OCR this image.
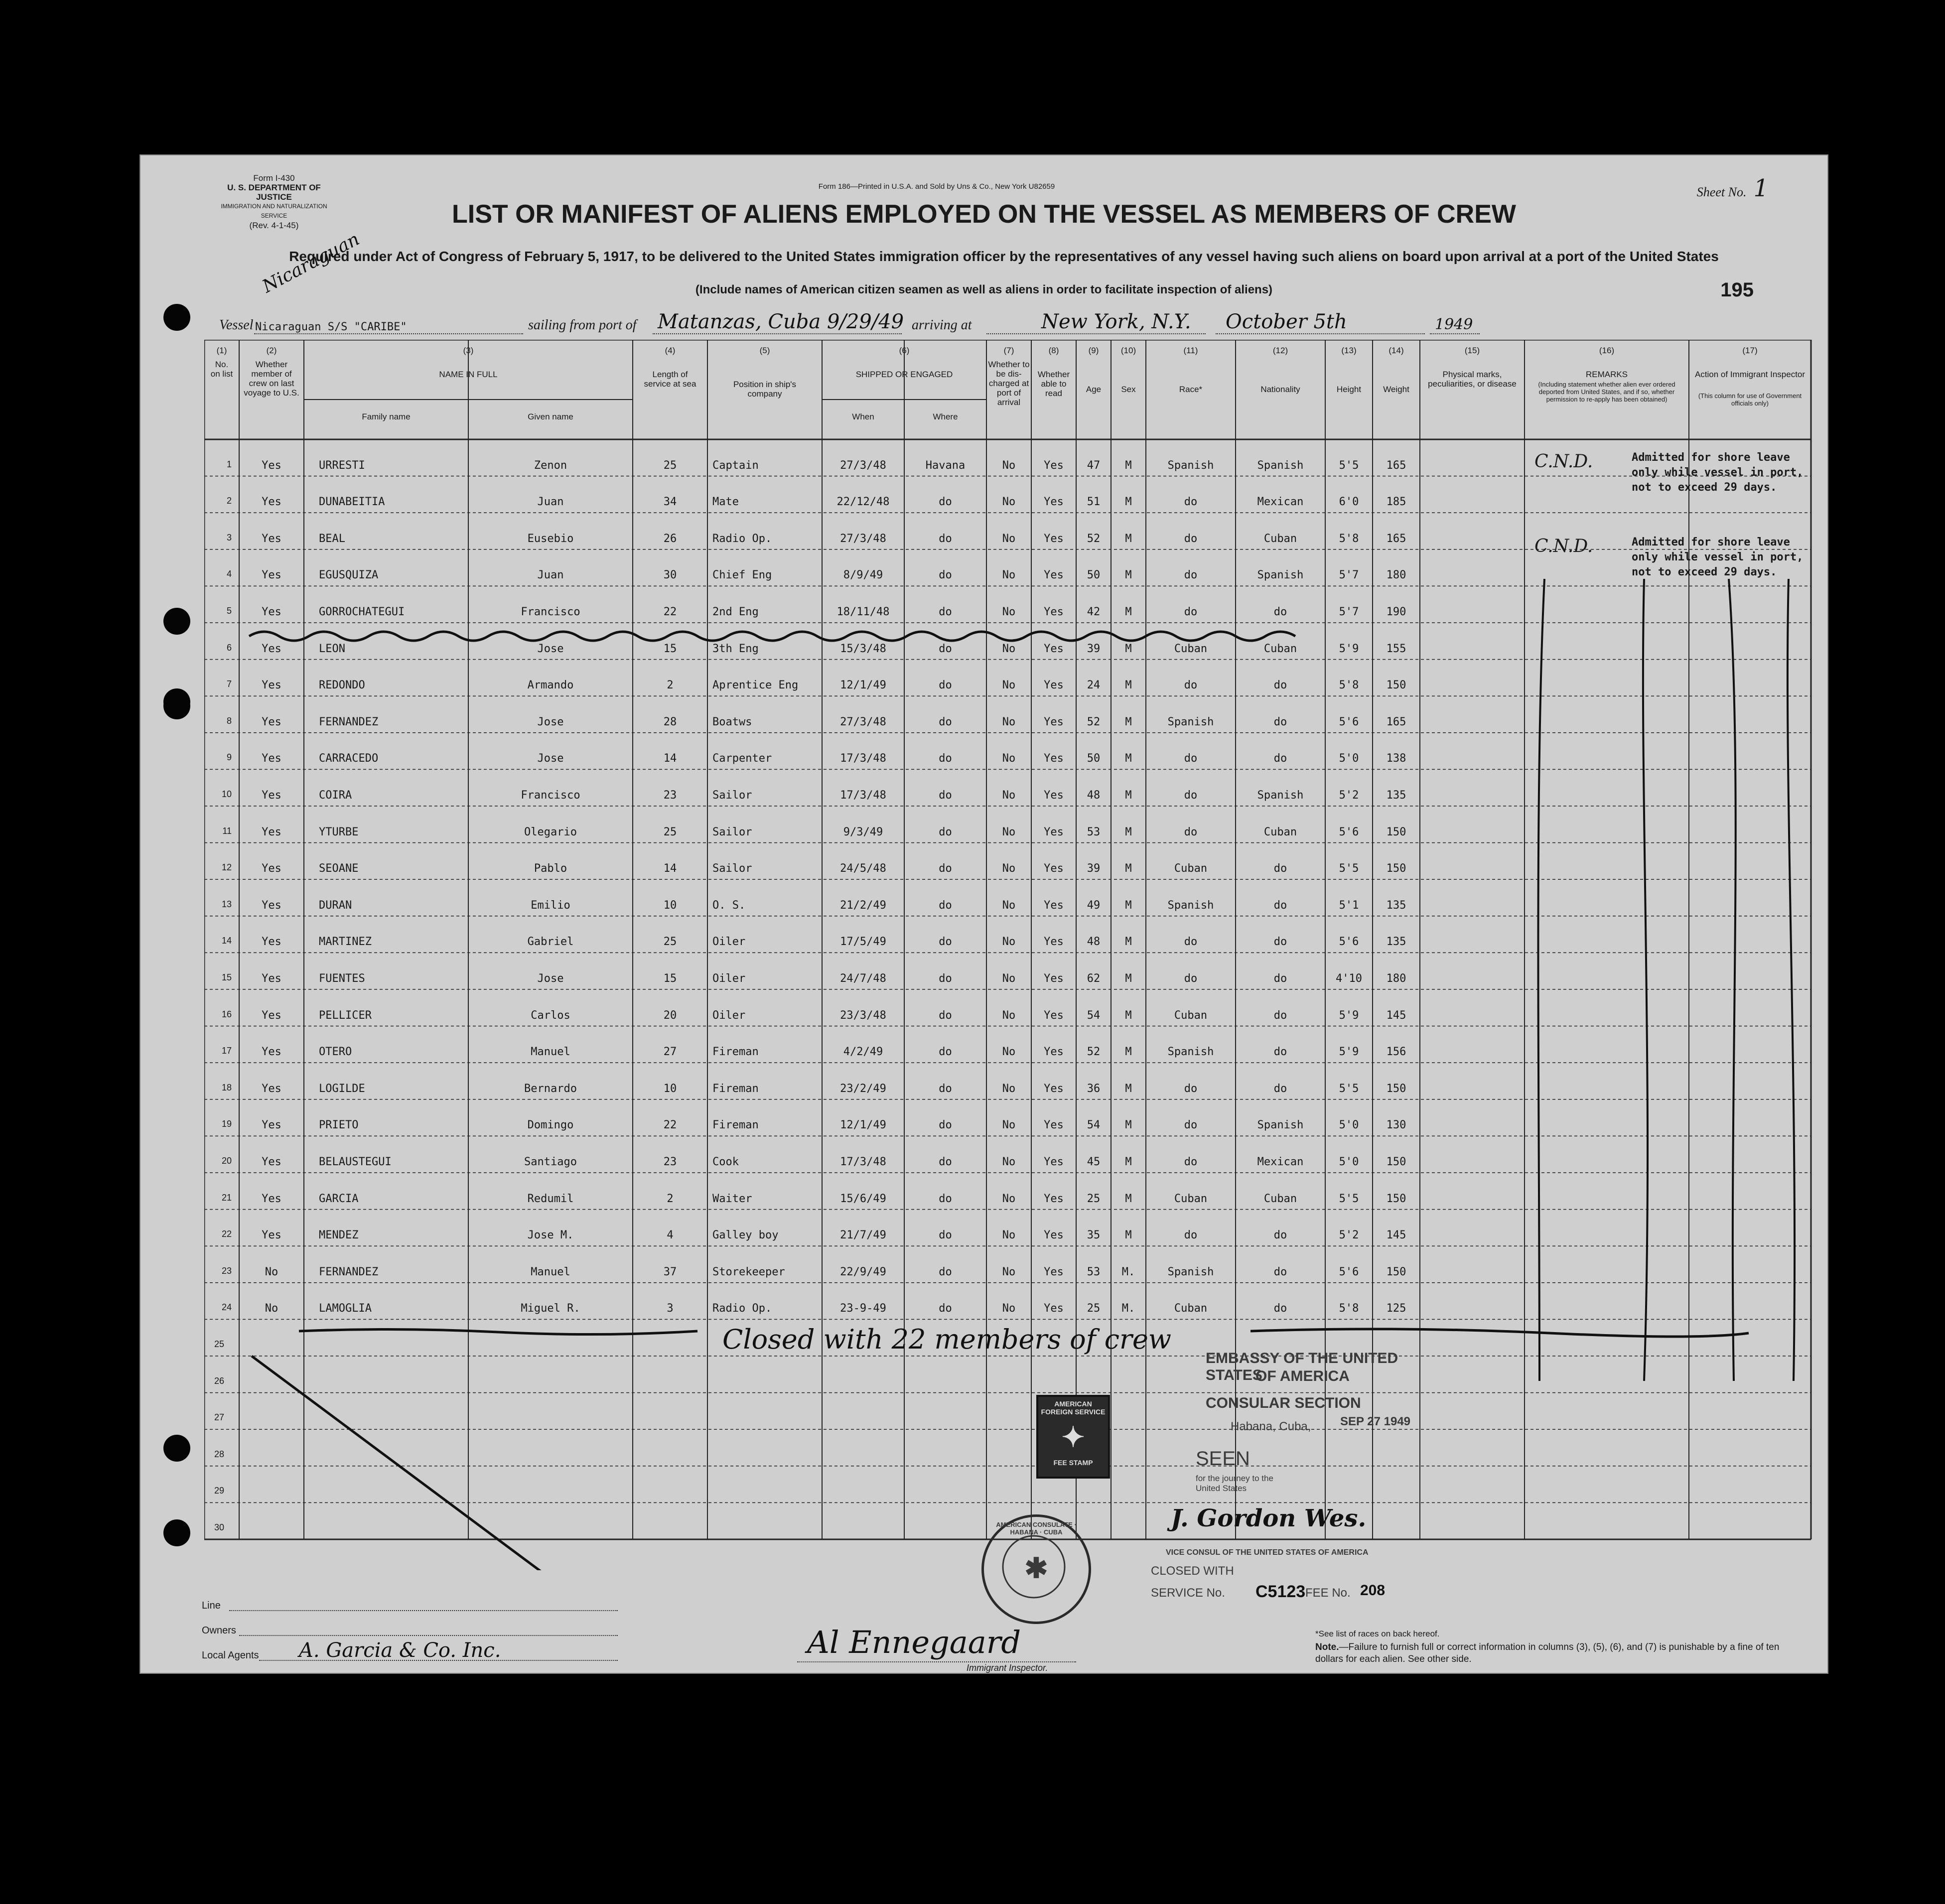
Form I-430
U. S. DEPARTMENT OF JUSTICE
IMMIGRATION AND NATURALIZATION SERVICE
(Rev. 4-1-45)
Form 186—Printed in U.S.A. and Sold by Uns & Co., New York U82659	Sheet No. 1
LIST OR MANIFEST OF ALIENS EMPLOYED ON THE VESSEL AS MEMBERS OF CREW
Required under Act of Congress of February 5, 1917, to be delivered to the United States immigration officer by the representatives of any vessel having such aliens on board upon arrival at a port of the United States
(Include names of American citizen seamen as well as aliens in order to facilitate inspection of aliens)	195
Nicaraguan
Vessel Nicaraguan S/S "CARIBE"	sailing from port of Matanzas, Cuba 9/29/49 arriving at	New York, N.Y. October 5th	1949
(1)
No. on list
(2)
Whether member of crew on last voyage to U.S.
(3)
NAME IN FULL
Family name	Given name
(4)
Length of service at sea
(5)
Position in ship's company
(6)
SHIPPED OR ENGAGED
When	Where
(7)
Whether to be dis-charged at port of arrival
(8)
Whether able to read
(9)
Age
(10)
Sex
(11)
Race*
(12)
Nationality
(13)
Height
(14)
Weight
(15)
Physical marks, peculiarities, or disease
(16)
REMARKS
(Including statement whether alien ever ordered deported from United States, and if so, whether permission to re-apply has been obtained)
(17)
Action of Immigrant Inspector
(This column for use of Government officials only)
1	Yes	URRESTI	Zenon	25	Captain	27/3/48	Havana	No	Yes	47	M	Spanish	Spanish	5'5	165
2	Yes	DUNABEITIA	Juan	34	Mate	22/12/48	do	No	Yes	51	M	do	Mexican	6'0	185
3	Yes	BEAL	Eusebio	26	Radio Op.	27/3/48	do	No	Yes	52	M	do	Cuban	5'8	165
4	Yes	EGUSQUIZA	Juan	30	Chief Eng	8/9/49	do	No	Yes	50	M	do	Spanish	5'7	180
5	Yes	GORROCHATEGUI	Francisco	22	2nd Eng	18/11/48	do	No	Yes	42	M	do	do	5'7	190
6	Yes	LEON	Jose	15	3th Eng	15/3/48	do	No	Yes	39	M	Cuban	Cuban	5'9	155
7	Yes	REDONDO	Armando	2	Aprentice Eng	12/1/49	do	No	Yes	24	M	do	do	5'8	150
8	Yes	FERNANDEZ	Jose	28	Boatws	27/3/48	do	No	Yes	52	M	Spanish	do	5'6	165
9	Yes	CARRACEDO	Jose	14	Carpenter	17/3/48	do	No	Yes	50	M	do	do	5'0	138
10	Yes	COIRA	Francisco	23	Sailor	17/3/48	do	No	Yes	48	M	do	Spanish	5'2	135
11	Yes	YTURBE	Olegario	25	Sailor	9/3/49	do	No	Yes	53	M	do	Cuban	5'6	150
12	Yes	SEOANE	Pablo	14	Sailor	24/5/48	do	No	Yes	39	M	Cuban	do	5'5	150
13	Yes	DURAN	Emilio	10	O. S.	21/2/49	do	No	Yes	49	M	Spanish	do	5'1	135
14	Yes	MARTINEZ	Gabriel	25	Oiler	17/5/49	do	No	Yes	48	M	do	do	5'6	135
15	Yes	FUENTES	Jose	15	Oiler	24/7/48	do	No	Yes	62	M	do	do	4'10	180
16	Yes	PELLICER	Carlos	20	Oiler	23/3/48	do	No	Yes	54	M	Cuban	do	5'9	145
17	Yes	OTERO	Manuel	27	Fireman	4/2/49	do	No	Yes	52	M	Spanish	do	5'9	156
18	Yes	LOGILDE	Bernardo	10	Fireman	23/2/49	do	No	Yes	36	M	do	do	5'5	150
19	Yes	PRIETO	Domingo	22	Fireman	12/1/49	do	No	Yes	54	M	do	Spanish	5'0	130
20	Yes	BELAUSTEGUI	Santiago	23	Cook	17/3/48	do	No	Yes	45	M	do	Mexican	5'0	150
21	Yes	GARCIA	Redumil	2	Waiter	15/6/49	do	No	Yes	25	M	Cuban	Cuban	5'5	150
22	Yes	MENDEZ	Jose M.	4	Galley boy	21/7/49	do	No	Yes	35	M	do	do	5'2	145
23	No	FERNANDEZ	Manuel	37	Storekeeper	22/9/49	do	No	Yes	53	M.	Spanish	do	5'6	150
24	No	LAMOGLIA	Miguel R.	3	Radio Op.	23-9-49	do	No	Yes	25	M.	Cuban	do	5'8	125
25
26
27
28
29
30
C.N.D.
C.N.D.
Admitted for shore leave only while vessel in port, not to exceed 29 days.
Admitted for shore leave only while vessel in port, not to exceed 29 days.
Closed with 22 members of crew
AMERICAN FOREIGN SERVICE
✦
FEE STAMP
EMBASSY OF THE UNITED STATES
OF AMERICA
CONSULAR SECTION
Habana, Cuba, SEP 27 1949
SEEN
for the journey to the United States
J. Gordon Wes.
VICE CONSUL OF THE UNITED STATES OF AMERICA
CLOSED WITH
SERVICE No. C5123 FEE No. 208
✱
AMERICAN CONSULATE · HABANA · CUBA
Line
Owners
Local Agents A. Garcia & Co. Inc.	Al Ennegaard
Immigrant Inspector.
*See list of races on back hereof.
Note.—Failure to furnish full or correct information in columns (3), (5), (6), and (7) is punishable by a fine of ten dollars for each alien. See other side.
